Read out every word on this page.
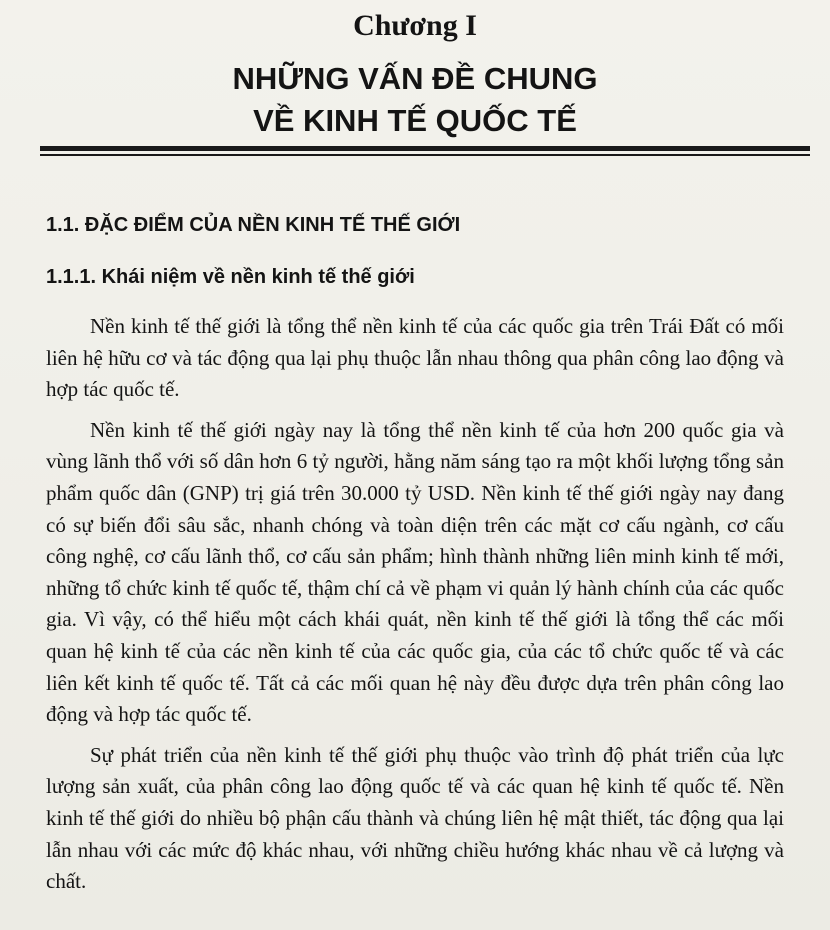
Chương I
NHỮNG VẤN ĐỀ CHUNG
VỀ KINH TẾ QUỐC TẾ
1.1. ĐẶC ĐIỂM CỦA NỀN KINH TẾ THẾ GIỚI
1.1.1. Khái niệm về nền kinh tế thế giới

Nền kinh tế thế giới là tổng thể nền kinh tế của các quốc gia trên Trái Đất có mối liên hệ hữu cơ và tác động qua lại phụ thuộc lẫn nhau thông qua phân công lao động và hợp tác quốc tế.

Nền kinh tế thế giới ngày nay là tổng thể nền kinh tế của hơn 200 quốc gia và vùng lãnh thổ với số dân hơn 6 tỷ người, hằng năm sáng tạo ra một khối lượng tổng sản phẩm quốc dân (GNP) trị giá trên 30.000 tỷ USD. Nền kinh tế thế giới ngày nay đang có sự biến đổi sâu sắc, nhanh chóng và toàn diện trên các mặt cơ cấu ngành, cơ cấu công nghệ, cơ cấu lãnh thổ, cơ cấu sản phẩm; hình thành những liên minh kinh tế mới, những tổ chức kinh tế quốc tế, thậm chí cả về phạm vi quản lý hành chính của các quốc gia. Vì vậy, có thể hiểu một cách khái quát, nền kinh tế thế giới là tổng thể các mối quan hệ kinh tế của các nền kinh tế của các quốc gia, của các tổ chức quốc tế và các liên kết kinh tế quốc tế. Tất cả các mối quan hệ này đều được dựa trên phân công lao động và hợp tác quốc tế.

Sự phát triển của nền kinh tế thế giới phụ thuộc vào trình độ phát triển của lực lượng sản xuất, của phân công lao động quốc tế và các quan hệ kinh tế quốc tế. Nền kinh tế thế giới do nhiều bộ phận cấu thành và chúng liên hệ mật thiết, tác động qua lại lẫn nhau với các mức độ khác nhau, với những chiều hướng khác nhau về cả lượng và chất.
